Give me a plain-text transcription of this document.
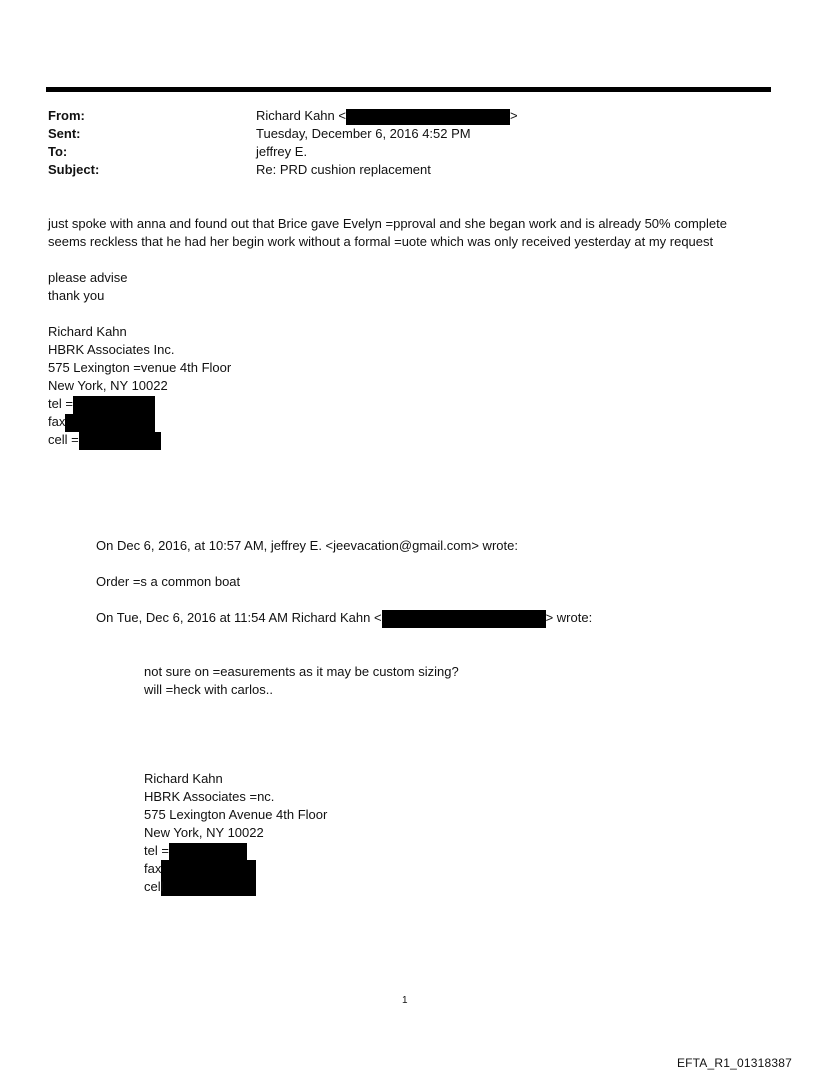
From:	Richard Kahn <	>
Sent:	Tuesday, December 6, 2016 4:52 PM
To:	jeffrey E.
Subject:	Re: PRD cushion replacement
just spoke with anna and found out that Brice gave Evelyn =pproval and she began work and is already 50% complete
seems reckless that he had her begin work without a formal =uote which was only received yesterday at my request
please advise
thank you
Richard Kahn
HBRK Associates Inc.
575 Lexington =venue 4th Floor
New York, NY 10022
tel =
fax
cell =
On Dec 6, 2016, at 10:57 AM, jeffrey E. <jeevacation@gmail.com> wrote:
Order =s a common boat
On Tue, Dec 6, 2016 at 11:54 AM Richard Kahn <	> wrote:
not sure on =easurements as it may be custom sizing?
will =heck with carlos..
Richard Kahn
HBRK Associates =nc.
575 Lexington Avenue 4th Floor
New York, NY 10022
tel =
fax
cell
1
EFTA_R1_01318387
